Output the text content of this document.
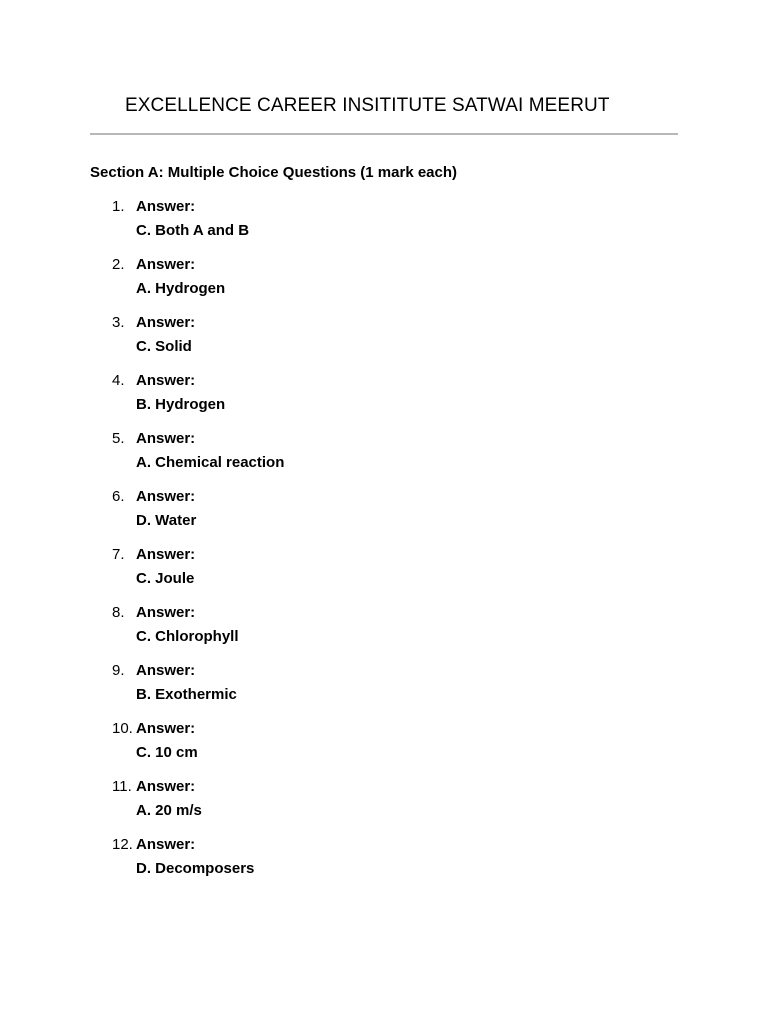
EXCELLENCE CAREER INSITITUTE SATWAI MEERUT
Section A: Multiple Choice Questions (1 mark each)
1. Answer:
C. Both A and B
2. Answer:
A. Hydrogen
3. Answer:
C. Solid
4. Answer:
B. Hydrogen
5. Answer:
A. Chemical reaction
6. Answer:
D. Water
7. Answer:
C. Joule
8. Answer:
C. Chlorophyll
9. Answer:
B. Exothermic
10. Answer:
C. 10 cm
11. Answer:
A. 20 m/s
12. Answer:
D. Decomposers
